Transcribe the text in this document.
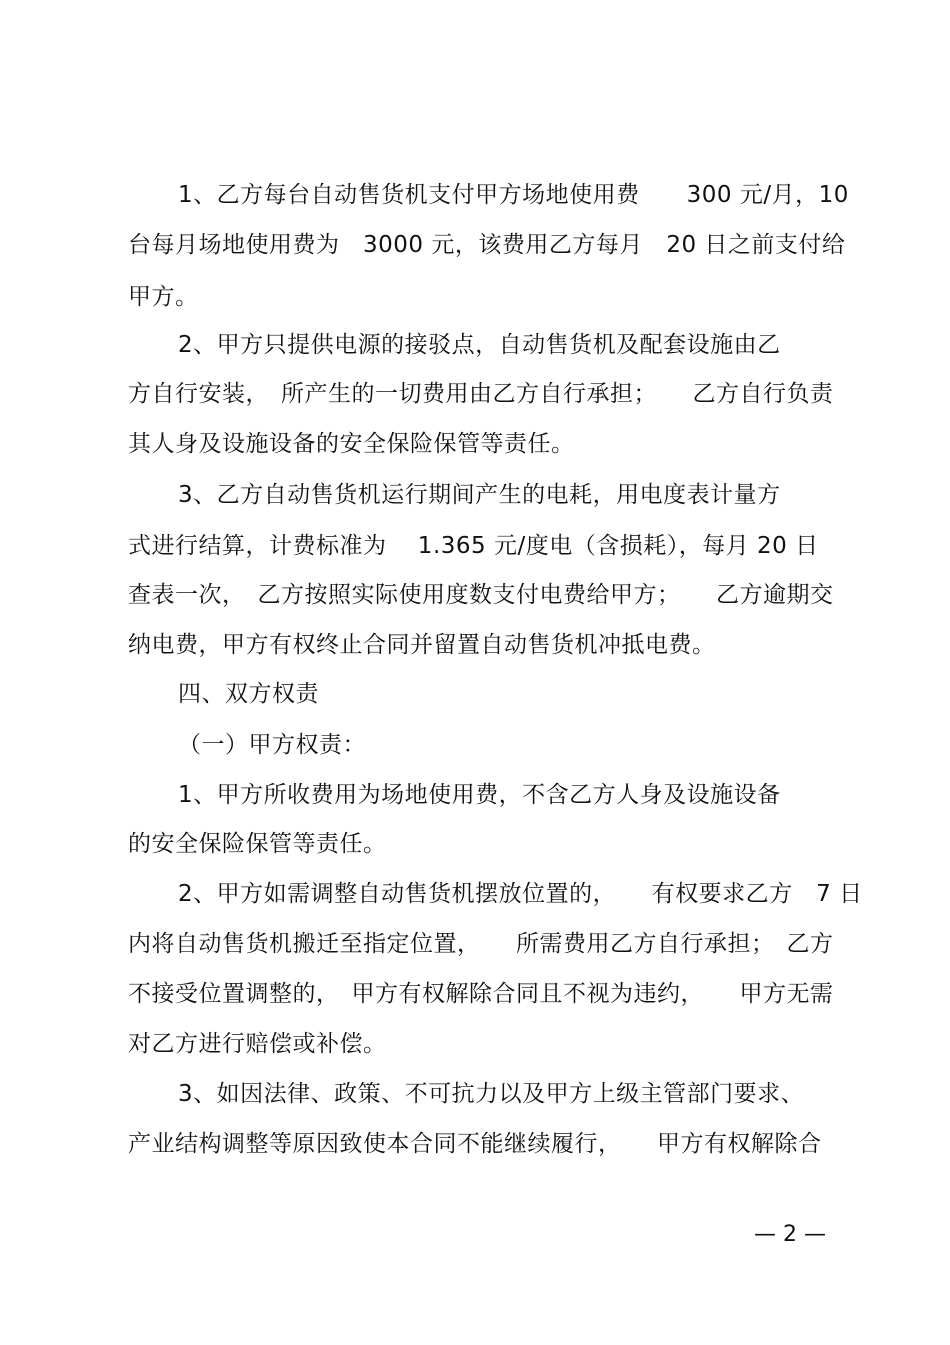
1、乙方每台自动售货机支付甲方场地使用费　　300 元/月，10
台每月场地使用费为　3000 元，该费用乙方每月　20 日之前支付给
甲方。
2、甲方只提供电源的接驳点，自动售货机及配套设施由乙
方自行安装，　所产生的一切费用由乙方自行承担；　　乙方自行负责
其人身及设施设备的安全保险保管等责任。
3、乙方自动售货机运行期间产生的电耗，用电度表计量方
式进行结算，计费标准为　 1.365 元/度电（含损耗），每月 20 日
查表一次，　乙方按照实际使用度数支付电费给甲方；　　乙方逾期交
纳电费，甲方有权终止合同并留置自动售货机冲抵电费。
四、双方权责
（一）甲方权责：
1、甲方所收费用为场地使用费，不含乙方人身及设施设备
的安全保险保管等责任。
2、甲方如需调整自动售货机摆放位置的，　　有权要求乙方　7 日
内将自动售货机搬迁至指定位置，　　所需费用乙方自行承担；　乙方
不接受位置调整的，　甲方有权解除合同且不视为违约，　　甲方无需
对乙方进行赔偿或补偿。
3、如因法律、政策、不可抗力以及甲方上级主管部门要求、
产业结构调整等原因致使本合同不能继续履行，　　甲方有权解除合
— 2 —
